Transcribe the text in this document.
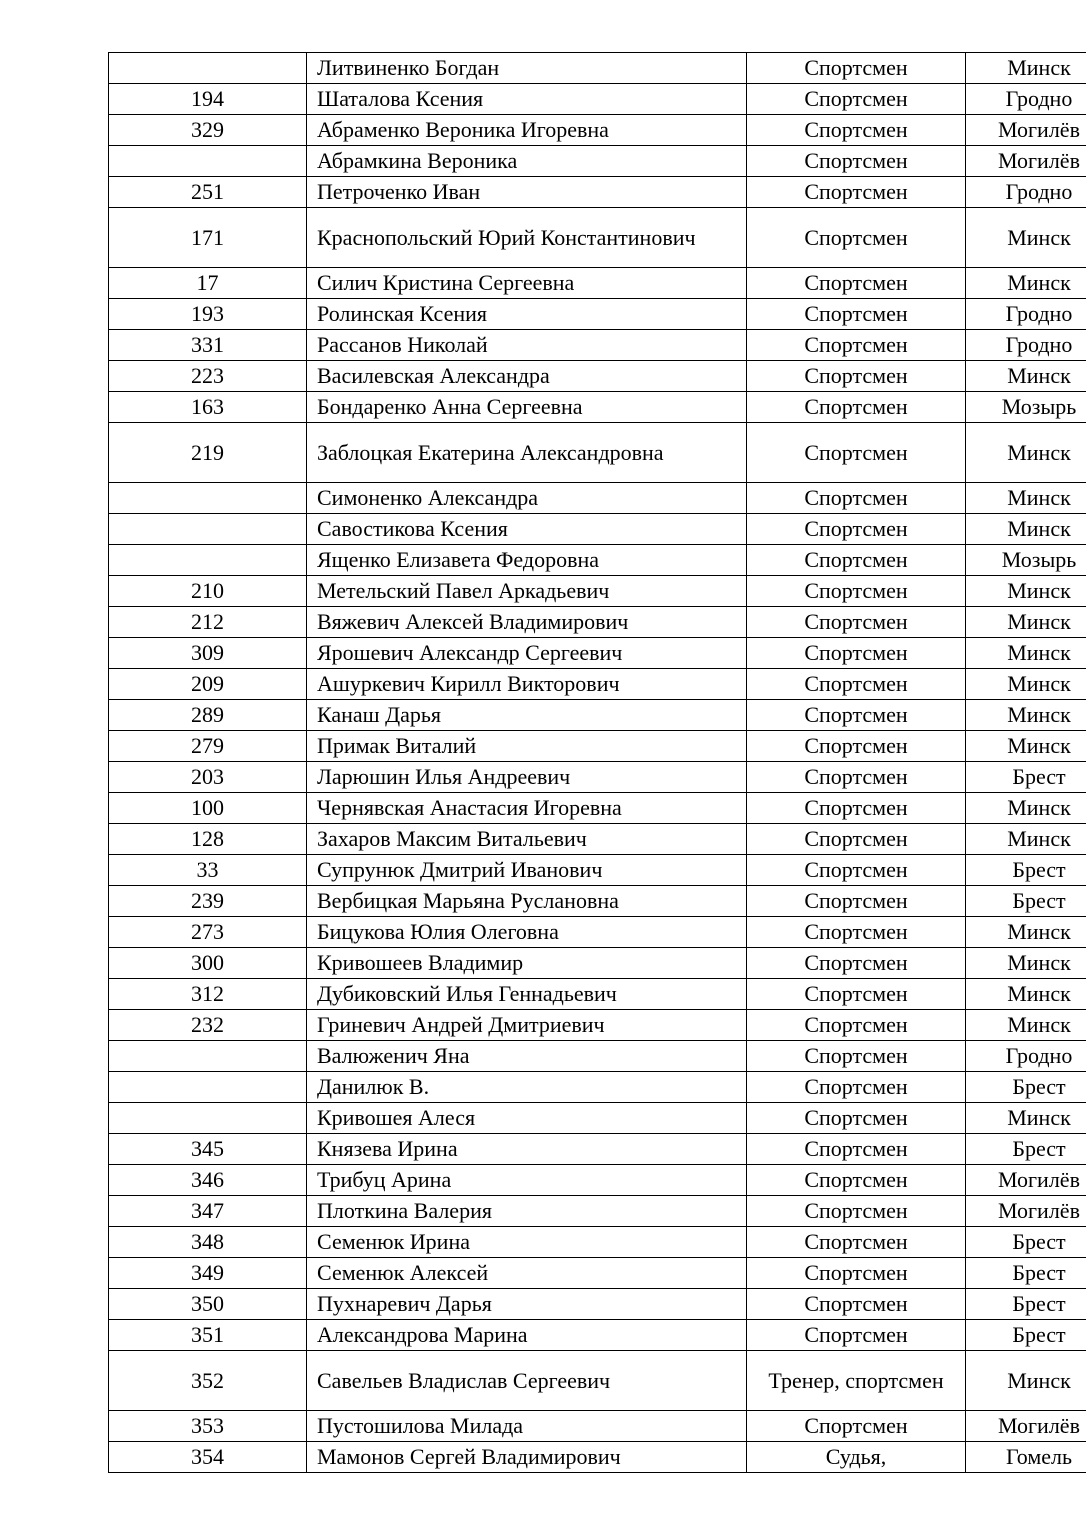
	Литвиненко Богдан	Спортсмен	Минск
194	Шаталова Ксения	Спортсмен	Гродно
329	Абраменко Вероника Игоревна	Спортсмен	Могилёв
	Абрамкина Вероника	Спортсмен	Могилёв
251	Петроченко Иван	Спортсмен	Гродно
171	Краснопольский Юрий Константинович	Спортсмен	Минск
17	Силич Кристина Сергеевна	Спортсмен	Минск
193	Ролинская Ксения	Спортсмен	Гродно
331	Рассанов Николай	Спортсмен	Гродно
223	Василевская Александра	Спортсмен	Минск
163	Бондаренко Анна Сергеевна	Спортсмен	Мозырь
219	Заблоцкая Екатерина Александровна	Спортсмен	Минск
	Симоненко Александра	Спортсмен	Минск
	Савостикова Ксения	Спортсмен	Минск
	Ященко Елизавета Федоровна	Спортсмен	Мозырь
210	Метельский Павел Аркадьевич	Спортсмен	Минск
212	Вяжевич Алексей Владимирович	Спортсмен	Минск
309	Ярошевич Александр Сергеевич	Спортсмен	Минск
209	Ашуркевич Кирилл Викторович	Спортсмен	Минск
289	Канаш Дарья	Спортсмен	Минск
279	Примак Виталий	Спортсмен	Минск
203	Ларюшин Илья Андреевич	Спортсмен	Брест
100	Чернявская Анастасия Игоревна	Спортсмен	Минск
128	Захаров Максим Витальевич	Спортсмен	Минск
33	Супрунюк Дмитрий Иванович	Спортсмен	Брест
239	Вербицкая Марьяна Руслановна	Спортсмен	Брест
273	Бицукова Юлия Олеговна	Спортсмен	Минск
300	Кривошеев Владимир	Спортсмен	Минск
312	Дубиковский Илья Геннадьевич	Спортсмен	Минск
232	Гриневич Андрей Дмитриевич	Спортсмен	Минск
	Валюженич Яна	Спортсмен	Гродно
	Данилюк В.	Спортсмен	Брест
	Кривошея Алеся	Спортсмен	Минск
345	Князева Ирина	Спортсмен	Брест
346	Трибуц Арина	Спортсмен	Могилёв
347	Плоткина Валерия	Спортсмен	Могилёв
348	Семенюк Ирина	Спортсмен	Брест
349	Семенюк Алексей	Спортсмен	Брест
350	Пухнаревич Дарья	Спортсмен	Брест
351	Александрова Марина	Спортсмен	Брест
352	Савельев Владислав Сергеевич	Тренер, спортсмен	Минск
353	Пустошилова Милада	Спортсмен	Могилёв
354	Мамонов Сергей Владимирович	Судья,	Гомель
